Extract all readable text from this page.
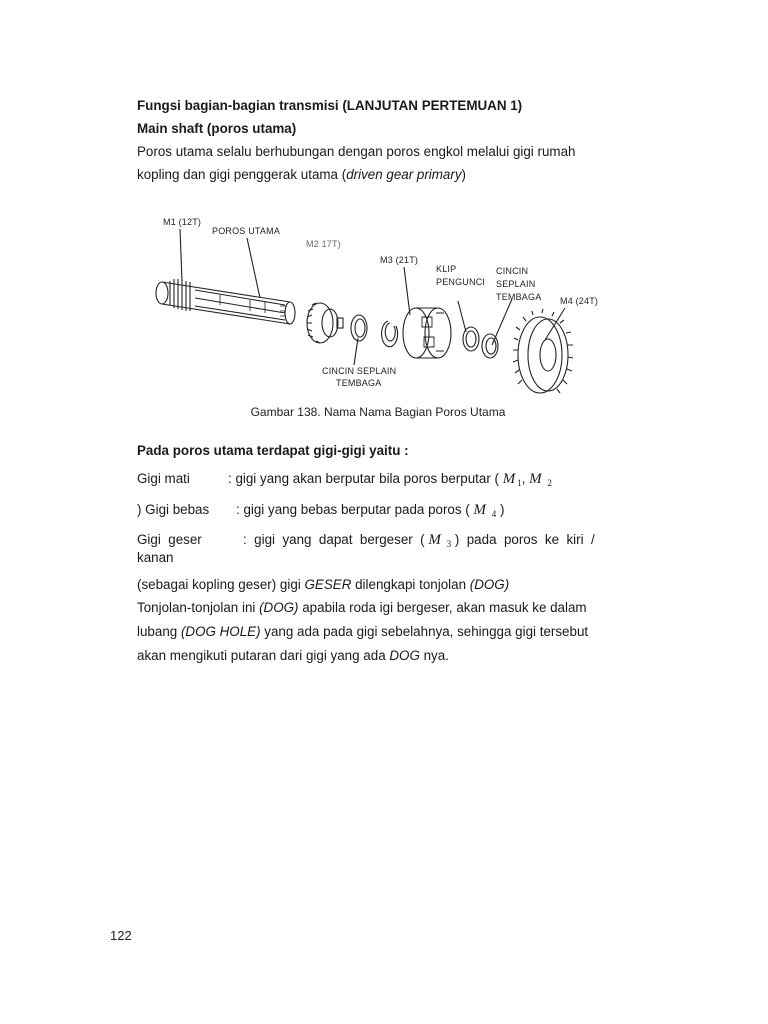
Fungsi bagian-bagian transmisi (LANJUTAN PERTEMUAN 1)
Main shaft (poros utama)
Poros utama selalu berhubungan dengan poros engkol melalui gigi rumah
kopling dan gigi penggerak utama (driven gear primary)
M1 (12T)
POROS UTAMA
M2 17T)
M3 (21T)
KLIP
PENGUNCI
CINCIN
SEPLAIN
TEMBAGA M4 (24T)
CINCIN SEPLAIN
TEMBAGA
Gambar 138. Nama Nama Bagian Poros Utama
Pada poros utama terdapat gigi-gigi yaitu :
Gigi mati	: gigi yang akan berputar bila poros berputar ( M $_1$, M $_2$
) Gigi bebas : gigi yang bebas berputar pada poros ( M $_4$ )
Gigi  geser	:  gigi  yang  dapat  bergeser  ( M $_3$ )  pada  poros  ke  kiri  /
kanan
(sebagai kopling geser) gigi GESER dilengkapi tonjolan (DOG)
Tonjolan-tonjolan ini (DOG) apabila roda igi bergeser, akan masuk ke dalam
lubang (DOG HOLE) yang ada pada gigi sebelahnya, sehingga gigi tersebut
akan mengikuti putaran dari gigi yang ada DOG nya.
122
